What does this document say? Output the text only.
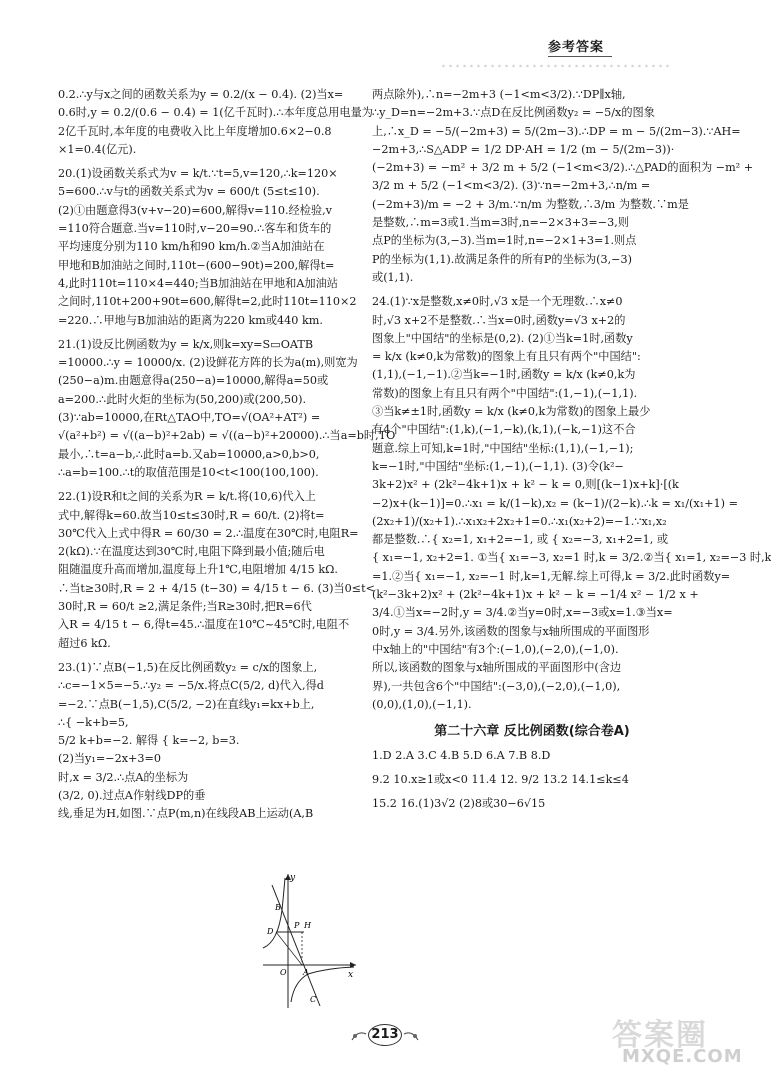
参考答案
0.2.∴y与x之间的函数关系为y = 0.2/(x − 0.4). (2)当x=
0.6时,y = 0.2/(0.6 − 0.4) = 1(亿千瓦时).∴本年度总用电量为
2亿千瓦时,本年度的电费收入比上年度增加0.6×2−0.8
×1=0.4(亿元).
20.(1)设函数关系式为v = k/t.∵t=5,v=120,∴k=120×
5=600.∴v与t的函数关系式为v = 600/t (5≤t≤10).
(2)①由题意得3(v+v−20)=600,解得v=110.经检验,v
=110符合题意.当v=110时,v−20=90.∴客车和货车的
平均速度分别为110 km/h和90 km/h.②当A加油站在
甲地和B加油站之间时,110t−(600−90t)=200,解得t=
4,此时110t=110×4=440;当B加油站在甲地和A加油站
之间时,110t+200+90t=600,解得t=2,此时110t=110×2
=220.∴甲地与B加油站的距离为220 km或440 km.
21.(1)设反比例函数为y = k/x,则k=xy=S▭OATB
=10000.∴y = 10000/x. (2)设鲜花方阵的长为a(m),则宽为
(250−a)m.由题意得a(250−a)=10000,解得a=50或
a=200.∴此时火炬的坐标为(50,200)或(200,50).
(3)∵ab=10000,在Rt△TAO中,TO=√(OA²+AT²) =
√(a²+b²) = √((a−b)²+2ab) = √((a−b)²+20000).∴当a=b时,TO
最小,∴t=a−b,∴此时a=b.又ab=10000,a>0,b>0,
∴a=b=100.∴t的取值范围是10<t<100(100,100).
22.(1)设R和t之间的关系为R = k/t.将(10,6)代入上
式中,解得k=60.故当10≤t≤30时,R = 60/t. (2)将t=
30℃代入上式中得R = 60/30 = 2.∴温度在30℃时,电阻R=
2(kΩ).∵在温度达到30℃时,电阻下降到最小值;随后电
阻随温度升高而增加,温度每上升1℃,电阻增加 4/15 kΩ.
∴当t≥30时,R = 2 + 4/15 (t−30) = 4/15 t − 6. (3)当0≤t<
30时,R = 60/t ≥2,满足条件;当R≥30时,把R=6代
入R = 4/15 t − 6,得t=45.∴温度在10℃~45℃时,电阻不
超过6 kΩ.
23.(1)∵点B(−1,5)在反比例函数y₂ = c/x的图象上,
∴c=−1×5=−5.∴y₂ = −5/x.将点C(5/2, d)代入,得d
=−2.∵点B(−1,5),C(5/2, −2)在直线y₁=kx+b上,
∴{ −k+b=5,
5/2 k+b=−2. 解得 { k=−2, b=3.
(2)当y₁=−2x+3=0
时,x = 3/2.∴点A的坐标为
(3/2, 0).过点A作射线DP的垂
线,垂足为H,如图.∵点P(m,n)在线段AB上运动(A,B
两点除外),∴n=−2m+3 (−1<m<3/2).∵DP∥x轴,
∴y_D=n=−2m+3.∵点D在反比例函数y₂ = −5/x的图象
上,∴x_D = −5/(−2m+3) = 5/(2m−3).∴DP = m − 5/(2m−3).∵AH=
−2m+3,∴S△ADP = 1/2 DP·AH = 1/2 (m − 5/(2m−3))·
(−2m+3) = −m² + 3/2 m + 5/2 (−1<m<3/2).∴△PAD的面积为 −m² +
3/2 m + 5/2 (−1<m<3/2). (3)∵n=−2m+3,∴n/m =
(−2m+3)/m = −2 + 3/m.∵n/m 为整数,∴3/m 为整数.∵m是
是整数,∴m=3或1.当m=3时,n=−2×3+3=−3,则
点P的坐标为(3,−3).当m=1时,n=−2×1+3=1.则点
P的坐标为(1,1).故满足条件的所有P的坐标为(3,−3)
或(1,1).
24.(1)∵x是整数,x≠0时,√3 x是一个无理数.∴x≠0
时,√3 x+2不是整数.∴当x=0时,函数y=√3 x+2的
图象上"中国结"的坐标是(0,2). (2)①当k=1时,函数y
= k/x (k≠0,k为常数)的图象上有且只有两个"中国结":
(1,1),(−1,−1).②当k=−1时,函数y = k/x (k≠0,k为
常数)的图象上有且只有两个"中国结":(1,−1),(−1,1).
③当k≠±1时,函数y = k/x (k≠0,k为常数)的图象上最少
有4个"中国结":(1,k),(−1,−k),(k,1),(−k,−1)这不合
题意.综上可知,k=1时,"中国结"坐标:(1,1),(−1,−1);
k=−1时,"中国结"坐标:(1,−1),(−1,1). (3)令(k²−
3k+2)x² + (2k²−4k+1)x + k² − k = 0,则[(k−1)x+k]·[(k
−2)x+(k−1)]=0.∴x₁ = k/(1−k),x₂ = (k−1)/(2−k).∴k = x₁/(x₁+1) =
(2x₂+1)/(x₂+1).∴x₁x₂+2x₂+1=0.∴x₁(x₂+2)=−1.∵x₁,x₂
都是整数.∴{ x₂=1, x₁+2=−1, 或 { x₂=−3, x₁+2=1, 或
{ x₁=−1, x₂+2=1. ①当{ x₁=−3, x₂=1 时,k = 3/2.②当{ x₁=1, x₂=−3 时,k
=1.②当{ x₁=−1, x₂=−1 时,k=1,无解.综上可得,k = 3/2.此时函数y=
(k²−3k+2)x² + (2k²−4k+1)x + k² − k = −1/4 x² − 1/2 x +
3/4.①当x=−2时,y = 3/4.②当y=0时,x=−3或x=1.③当x=
0时,y = 3/4.另外,该函数的图象与x轴所围成的平面图形
中x轴上的"中国结"有3个:(−1,0),(−2,0),(−1,0).
所以,该函数的图象与x轴所围成的平面图形中(含边
界),一共包含6个"中国结":(−3,0),(−2,0),(−1,0),
(0,0),(1,0),(−1,1).
第二十六章 反比例函数(综合卷A)
1.D 2.A 3.C 4.B 5.D 6.A 7.B 8.D
9.2 10.x≥1或x<0 11.4 12. 9/2 13.2 14.1≤k≤4
15.2 16.(1)3√2 (2)8或30−6√15
y
x
O A
B
C
D
P H
213	答案圈
MXQE.COM
